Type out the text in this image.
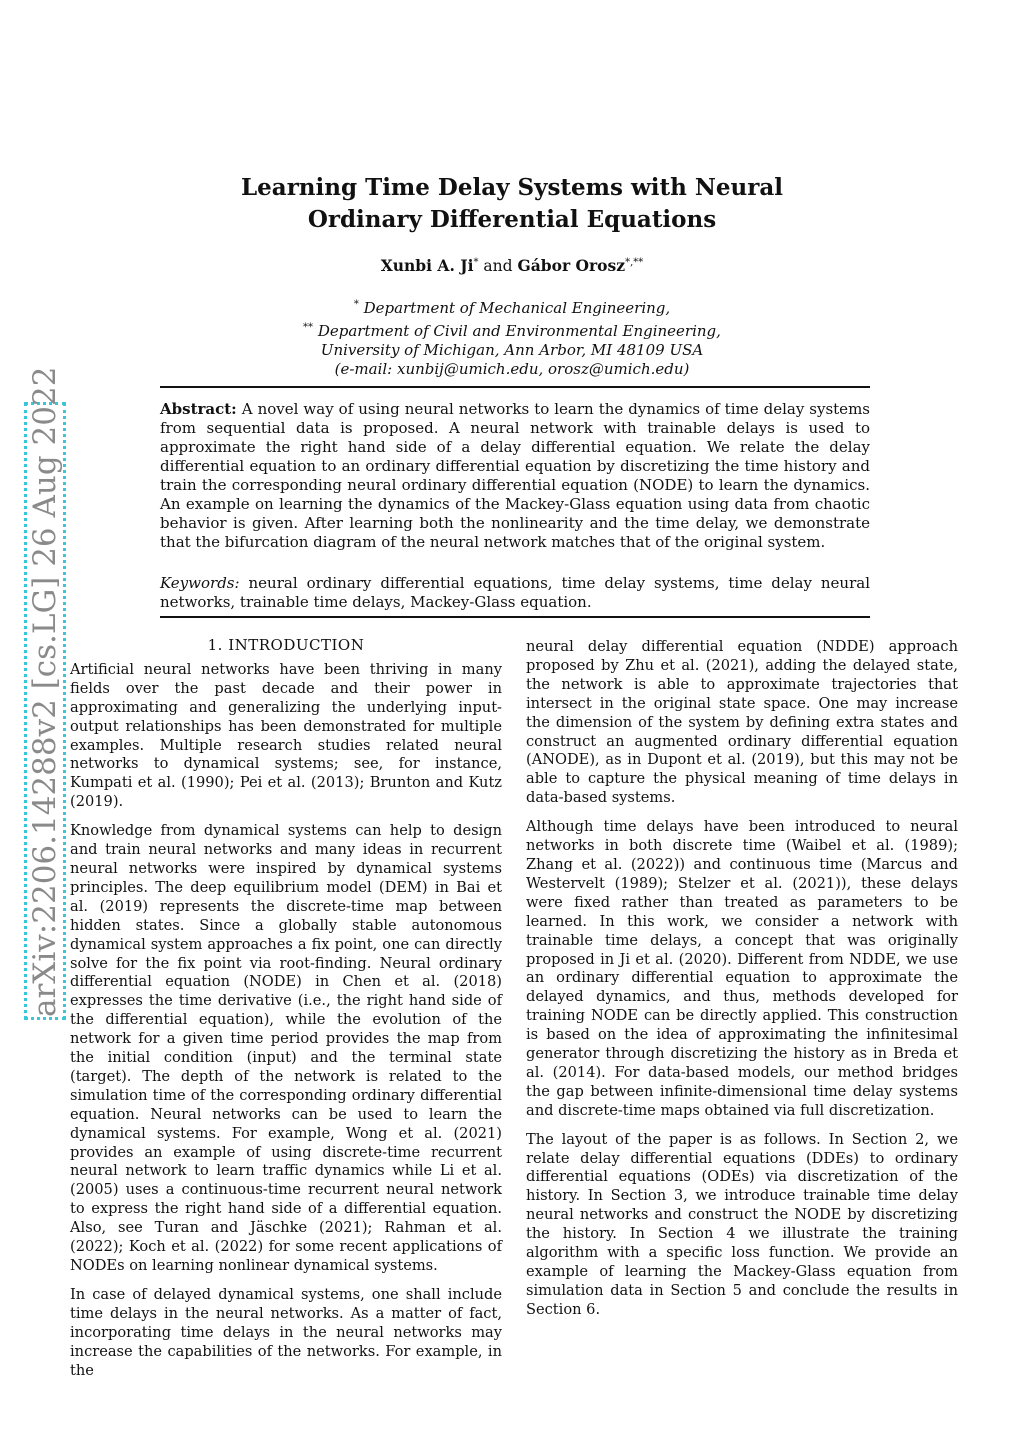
arXiv:2206.14288v2 [cs.LG] 26 Aug 2022
Learning Time Delay Systems with Neural
Ordinary Differential Equations
Xunbi A. Ji* and Gábor Orosz*,**
* Department of Mechanical Engineering,
** Department of Civil and Environmental Engineering,
University of Michigan, Ann Arbor, MI 48109 USA
(e-mail: xunbij@umich.edu, orosz@umich.edu)
Abstract: A novel way of using neural networks to learn the dynamics of time delay systems from sequential data is proposed. A neural network with trainable delays is used to approximate the right hand side of a delay differential equation. We relate the delay differential equation to an ordinary differential equation by discretizing the time history and train the corresponding neural ordinary differential equation (NODE) to learn the dynamics. An example on learning the dynamics of the Mackey-Glass equation using data from chaotic behavior is given. After learning both the nonlinearity and the time delay, we demonstrate that the bifurcation diagram of the neural network matches that of the original system.
Keywords: neural ordinary differential equations, time delay systems, time delay neural networks, trainable time delays, Mackey-Glass equation.
1. INTRODUCTION

Artificial neural networks have been thriving in many fields over the past decade and their power in approximating and generalizing the underlying input-output relationships has been demonstrated for multiple examples. Multiple research studies related neural networks to dynamical systems; see, for instance, Kumpati et al. (1990); Pei et al. (2013); Brunton and Kutz (2019).

Knowledge from dynamical systems can help to design and train neural networks and many ideas in recurrent neural networks were inspired by dynamical systems principles. The deep equilibrium model (DEM) in Bai et al. (2019) represents the discrete-time map between hidden states. Since a globally stable autonomous dynamical system approaches a fix point, one can directly solve for the fix point via root-finding. Neural ordinary differential equation (NODE) in Chen et al. (2018) expresses the time derivative (i.e., the right hand side of the differential equation), while the evolution of the network for a given time period provides the map from the initial condition (input) and the terminal state (target). The depth of the network is related to the simulation time of the corresponding ordinary differential equation. Neural networks can be used to learn the dynamical systems. For example, Wong et al. (2021) provides an example of using discrete-time recurrent neural network to learn traffic dynamics while Li et al. (2005) uses a continuous-time recurrent neural network to express the right hand side of a differential equation. Also, see Turan and Jäschke (2021); Rahman et al. (2022); Koch et al. (2022) for some recent applications of NODEs on learning nonlinear dynamical systems.

In case of delayed dynamical systems, one shall include time delays in the neural networks. As a matter of fact, incorporating time delays in the neural networks may increase the capabilities of the networks. For example, in the

neural delay differential equation (NDDE) approach proposed by Zhu et al. (2021), adding the delayed state, the network is able to approximate trajectories that intersect in the original state space. One may increase the dimension of the system by defining extra states and construct an augmented ordinary differential equation (ANODE), as in Dupont et al. (2019), but this may not be able to capture the physical meaning of time delays in data-based systems.

Although time delays have been introduced to neural networks in both discrete time (Waibel et al. (1989); Zhang et al. (2022)) and continuous time (Marcus and Westervelt (1989); Stelzer et al. (2021)), these delays were fixed rather than treated as parameters to be learned. In this work, we consider a network with trainable time delays, a concept that was originally proposed in Ji et al. (2020). Different from NDDE, we use an ordinary differential equation to approximate the delayed dynamics, and thus, methods developed for training NODE can be directly applied. This construction is based on the idea of approximating the infinitesimal generator through discretizing the history as in Breda et al. (2014). For data-based models, our method bridges the gap between infinite-dimensional time delay systems and discrete-time maps obtained via full discretization.

The layout of the paper is as follows. In Section 2, we relate delay differential equations (DDEs) to ordinary differential equations (ODEs) via discretization of the history. In Section 3, we introduce trainable time delay neural networks and construct the NODE by discretizing the history. In Section 4 we illustrate the training algorithm with a specific loss function. We provide an example of learning the Mackey-Glass equation from simulation data in Section 5 and conclude the results in Section 6.
